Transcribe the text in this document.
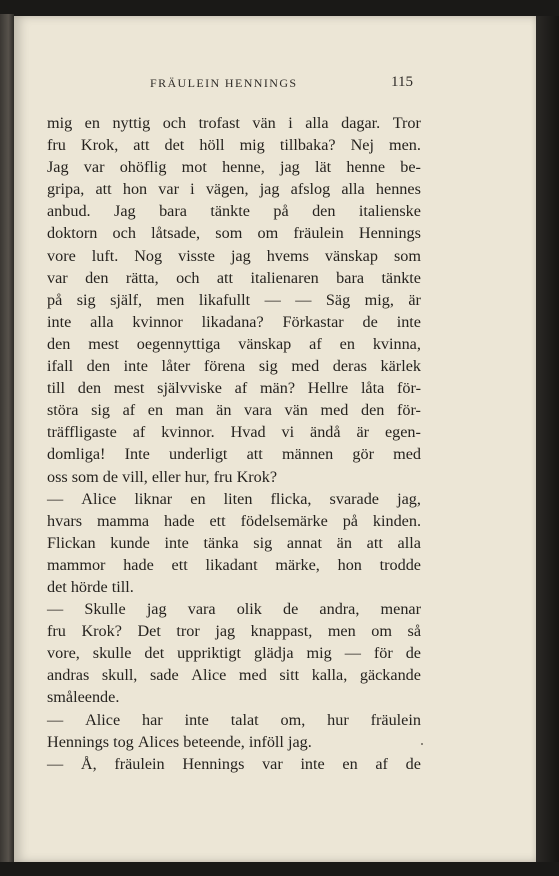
FRÄULEIN HENNINGS	115
mig en nyttig och trofast vän i alla dagar. Tror
fru Krok, att det höll mig tillbaka? Nej men.
Jag var ohöflig mot henne, jag lät henne be-
gripa, att hon var i vägen, jag afslog alla hennes
anbud. Jag bara tänkte på den italienske
doktorn och låtsade, som om fräulein Hennings
vore luft. Nog visste jag hvems vänskap som
var den rätta, och att italienaren bara tänkte
på sig själf, men likafullt — — Säg mig, är
inte alla kvinnor likadana? Förkastar de inte
den mest oegennyttiga vänskap af en kvinna,
ifall den inte låter förena sig med deras kärlek
till den mest självviske af män? Hellre låta för-
störa sig af en man än vara vän med den för-
träffligaste af kvinnor. Hvad vi ändå är egen-
domliga! Inte underligt att männen gör med
oss
som
de
vill,
eller
hur,
fru
Krok?
— Alice liknar en liten flicka, svarade jag,
hvars mamma hade ett födelsemärke på kinden.
Flickan kunde inte tänka sig annat än att alla
mammor hade ett likadant märke, hon trodde
det
hörde
till.
— Skulle jag vara olik de andra, menar
fru Krok? Det tror jag knappast, men om så
vore, skulle det uppriktigt glädja mig — för de
andras skull, sade Alice med sitt kalla, gäckande
småleende.
— Alice har inte talat om, hur fräulein
Hennings
tog
Alices
beteende,
inföll
jag.
— Å, fräulein Hennings var inte en af de
